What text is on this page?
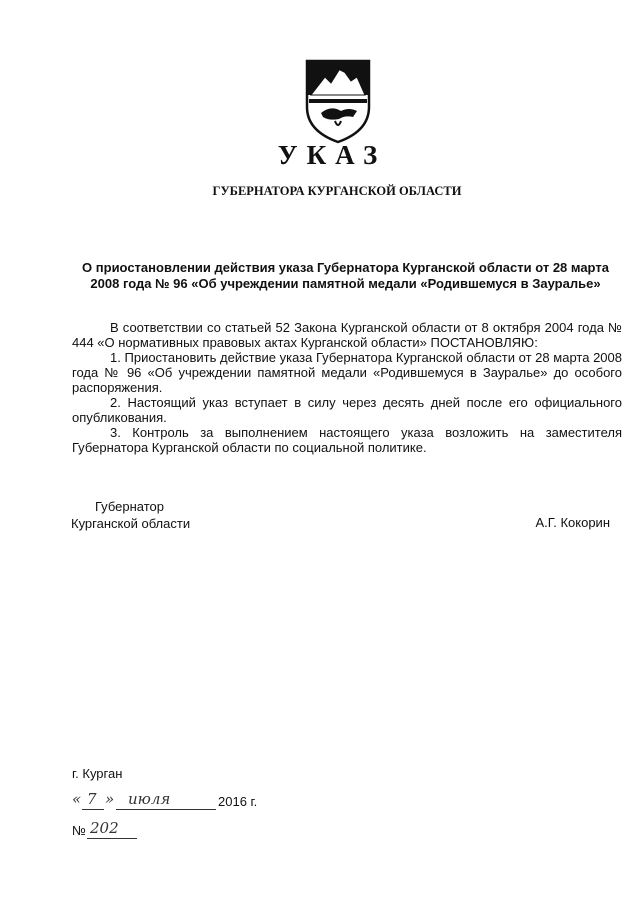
УКАЗ
ГУБЕРНАТОРА КУРГАНСКОЙ ОБЛАСТИ
О приостановлении действия указа Губернатора Курганской области от 28 марта 2008 года № 96 «Об учреждении памятной медали «Родившемуся в Зауралье»

В соответствии со статьей 52 Закона Курганской области от 8 октября 2004 года № 444 «О нормативных правовых актах Курганской области» ПОСТАНОВЛЯЮ:

1. Приостановить действие указа Губернатора Курганской области от 28 марта 2008 года № 96 «Об учреждении памятной медали «Родившемуся в Зауралье» до особого распоряжения.

2. Настоящий указ вступает в силу через десять дней после его официального опубликования.

3. Контроль за выполнением настоящего указа возложить на заместителя Губернатора Курганской области по социальной политике.

Губернатор
Курганской области	А.Г. Кокорин
г. Курган
« 7 » июля	2016 г.
№ 202
